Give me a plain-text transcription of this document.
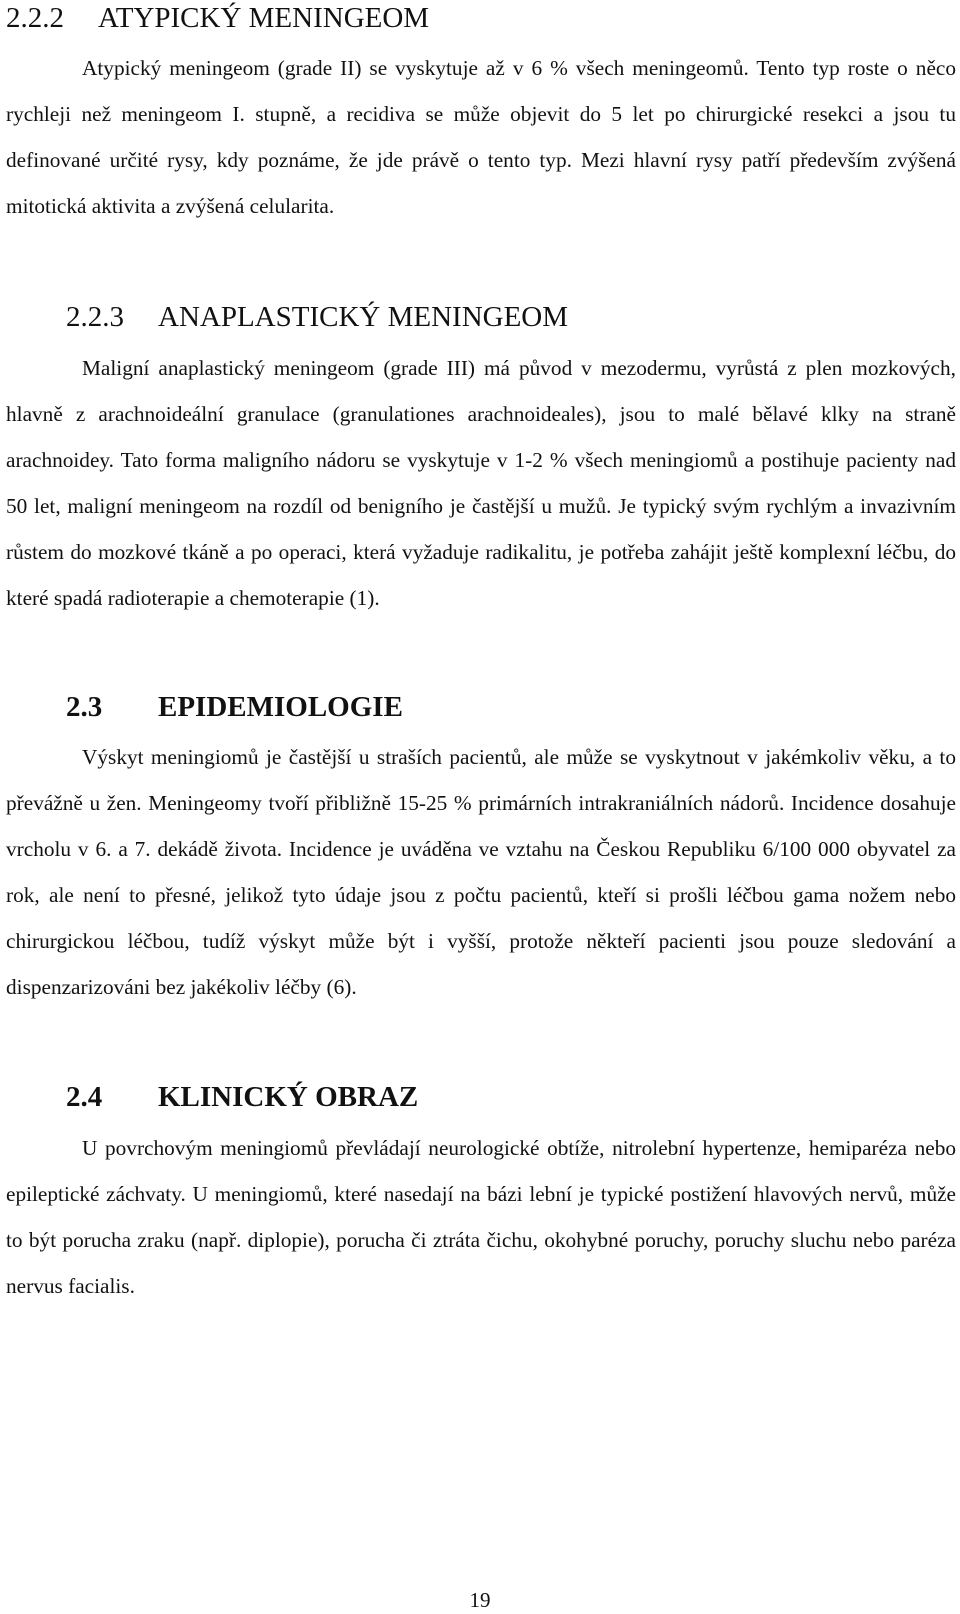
2.2.2 ATYPICKÝ MENINGEOM

Atypický meningeom (grade II) se vyskytuje až v 6 % všech meningeomů. Tento typ roste o něco rychleji než meningeom I. stupně, a recidiva se může objevit do 5 let po chirurgické resekci a jsou tu definované určité rysy, kdy poznáme, že jde právě o tento typ. Mezi hlavní rysy patří především zvýšená mitotická aktivita a zvýšená celularita.

2.2.3 ANAPLASTICKÝ MENINGEOM

Maligní anaplastický meningeom (grade III) má původ v mezodermu, vyrůstá z plen mozkových, hlavně z arachnoideální granulace (granulationes arachnoideales), jsou to malé bělavé klky na straně arachnoidey. Tato forma maligního nádoru se vyskytuje v 1-2 % všech meningiomů a postihuje pacienty nad 50 let, maligní meningeom na rozdíl od benigního je častější u mužů. Je typický svým rychlým a invazivním růstem do mozkové tkáně a po operaci, která vyžaduje radikalitu, je potřeba zahájit ještě komplexní léčbu, do které spadá radioterapie a chemoterapie (1).

2.3 EPIDEMIOLOGIE

Výskyt meningiomů je častější u straších pacientů, ale může se vyskytnout v jakémkoliv věku, a to převážně u žen. Meningeomy tvoří přibližně 15-25 % primárních intrakraniálních nádorů. Incidence dosahuje vrcholu v 6. a 7. dekádě života. Incidence je uváděna ve vztahu na Českou Republiku 6/100 000 obyvatel za rok, ale není to přesné, jelikož tyto údaje jsou z počtu pacientů, kteří si prošli léčbou gama nožem nebo chirurgickou léčbou, tudíž výskyt může být i vyšší, protože někteří pacienti jsou pouze sledování a dispenzarizováni bez jakékoliv léčby (6).

2.4 KLINICKÝ OBRAZ

U povrchovým meningiomů převládají neurologické obtíže, nitrolební hypertenze, hemiparéza nebo epileptické záchvaty. U meningiomů, které nasedají na bázi lební je typické postižení hlavových nervů, může to být porucha zraku (např. diplopie), porucha či ztráta čichu, okohybné poruchy, poruchy sluchu nebo paréza nervus facialis.

19
